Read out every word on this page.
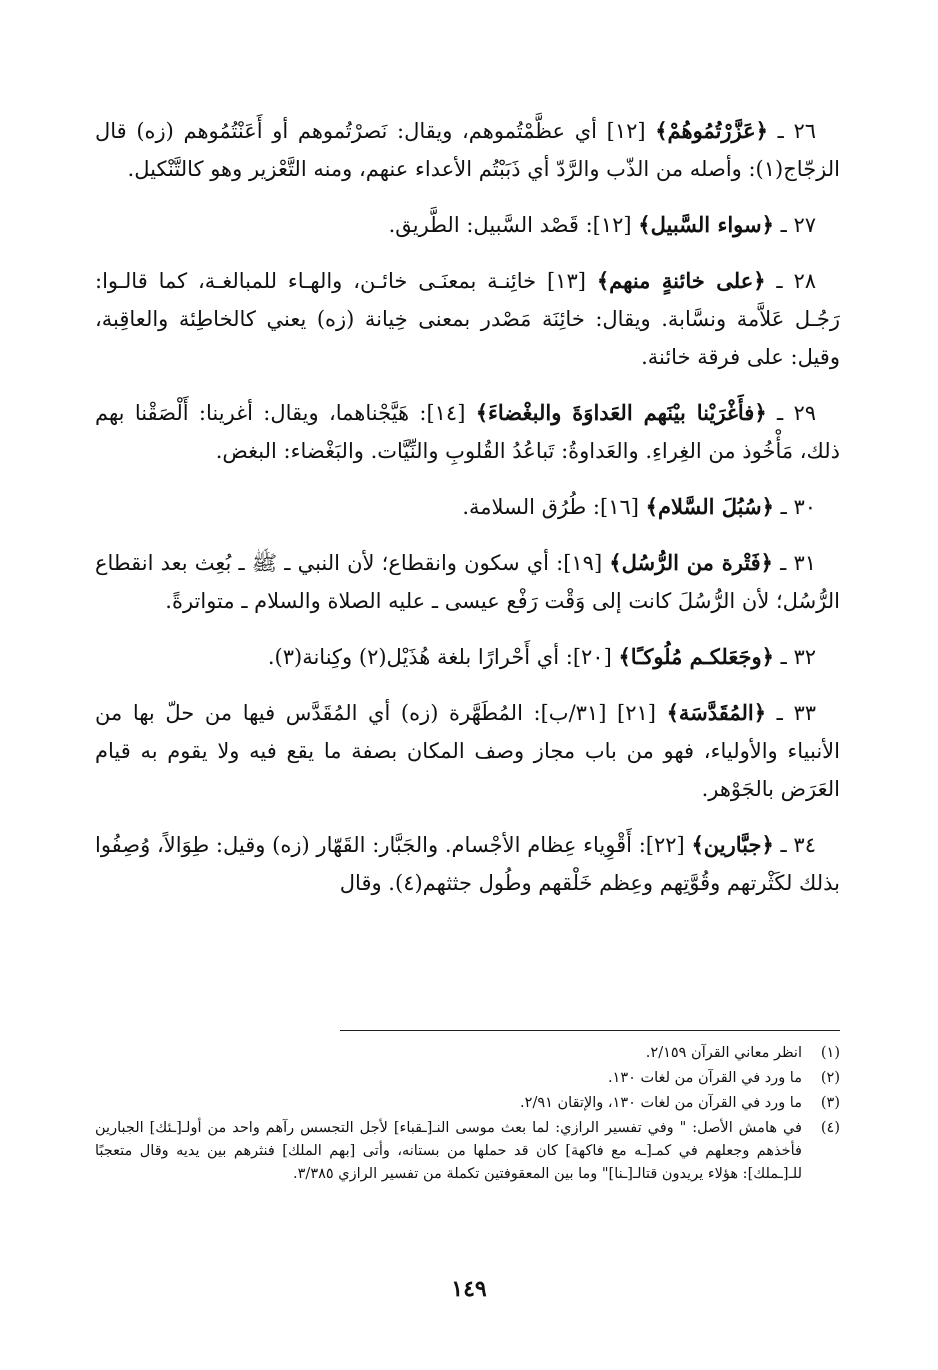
٢٦ ـ ﴿عَزَّرْتُمُوهُمْ﴾ [١٢] أي عظَّمْتُموهم، ويقال: نَصرْتُموهم أو أَعَنْتُمُوهم (زه) قال الزجّاج(١): وأصله من الذّب والرَّدّ أي ذَبَبْتُم الأعداء عنهم، ومنه التَّعْزير وهو كالتَّنْكيل.

٢٧ ـ ﴿سواء السَّبيل﴾ [١٢]: قَصْد السَّبيل: الطَّريق.

٢٨ ـ ﴿على خائنةٍ منهم﴾ [١٣] خائِنـة بمعنَـى خائـن، والهـاء للمبالغـة، كما قالـوا: رَجُـل عَلاَّمة ونسَّابة. ويقال: خائِنَة مَصْدر بمعنى خِيانة (زه) يعني كالخاطِئة والعاقِبة، وقيل: على فرقة خائنة.

٢٩ ـ ﴿فأَغْرَيْنا بيْنَهم العَداوَةَ والبغْضاءَ﴾ [١٤]: هَيَّجْناهما، ويقال: أغرينا: أَلْصَقْنا بهم ذلك، مَأْخُوذ من الغِراءِ. والعَداوةُ: تَباعُدُ القُلوبِ والنِّيَّات. والبَغْضاء: البغض.

٣٠ ـ ﴿سُبُلَ السَّلام﴾ [١٦]: طُرُق السلامة.

٣١ ـ ﴿فَتْرة من الرُّسُل﴾ [١٩]: أي سكون وانقطاع؛ لأن النبي ـ ﷺ ـ بُعِث بعد انقطاع الرُّسُل؛ لأن الرُّسُلَ كانت إلى وَقْت رَفْع عيسى ـ عليه الصلاة والسلام ـ متواترةً.

٣٢ ـ ﴿وجَعَلكـم مُلُوكـًا﴾ [٢٠]: أي أَحْرارًا بلغة هُذَيْل(٢) وكِنانة(٣).

٣٣ ـ ﴿المُقَدَّسَة﴾ [٢١] [٣١/ب]: المُطَهَّرة (زه) أي المُقَدَّس فيها من حلّ بها من الأنبياء والأولياء، فهو من باب مجاز وصف المكان بصفة ما يقع فيه ولا يقوم به قيام العَرَض بالجَوْهر.

٣٤ ـ ﴿جبَّارين﴾ [٢٢]: أَقْوِياء عِظام الأجْسام. والجَبَّار: القَهّار (زه) وقيل: طِوَالاً، وُصِفُوا بذلك لكَثْرتهم وقُوَّتِهم وعِظم خَلْقهم وطُول جثثهم(٤). وقال

(١)
انظر معاني القرآن ٢/١٥٩.
(٢)
ما ورد في القرآن من لغات ١٣٠.
(٣)
ما ورد في القرآن من لغات ١٣٠، والإتقان ٢/٩١.
(٤)
في هامش الأصل: " وفي تفسير الرازي: لما بعث موسى النـ[ـقباء] لأجل التجسس رآهم واحد من أولـ[ـئك] الجبارين فأخذهم وجعلهم في كمـ[ـه مع فاكهة] كان قد حملها من بستانه، وأتى [بهم الملك] فنثرهم بين يديه وقال متعجبًا للـ[ـملك]: هؤلاء يريدون قتالـ[ـنا]" وما بين المعقوفتين تكملة من تفسير الرازي ٣/٣٨٥.
١٤٩
